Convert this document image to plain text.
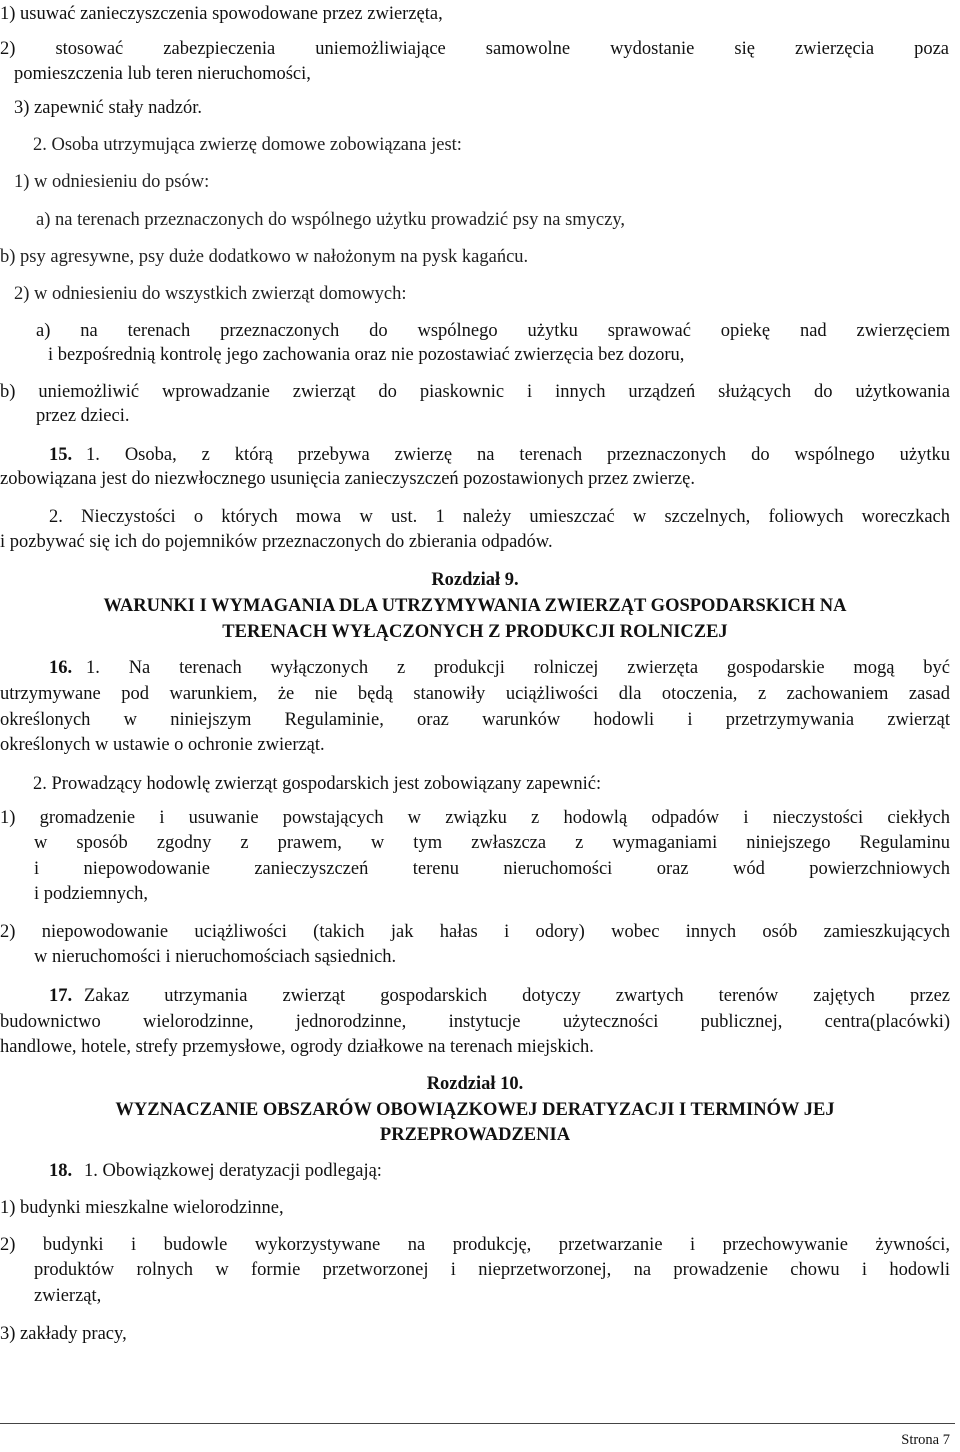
1) usuwać zanieczyszczenia spowodowane przez zwierzęta,

2) stosować zabezpieczenia uniemożliwiające samowolne wydostanie się zwierzęcia poza

pomieszczenia lub teren nieruchomości,

3) zapewnić stały nadzór.

2. Osoba utrzymująca zwierzę domowe zobowiązana jest:

1) w odniesieniu do psów:

a) na terenach przeznaczonych do wspólnego użytku prowadzić psy na smyczy,

b) psy agresywne, psy duże dodatkowo w nałożonym na pysk kagańcu.

2) w odniesieniu do wszystkich zwierząt domowych:

a) na terenach przeznaczonych do wspólnego użytku sprawować opiekę nad zwierzęciem

i bezpośrednią kontrolę jego zachowania oraz nie pozostawiać zwierzęcia bez dozoru,

b) uniemożliwić wprowadzanie zwierząt do piaskownic i innych urządzeń służących do użytkowania

przez dzieci.

15. 1. Osoba, z którą przebywa zwierzę na terenach przeznaczonych do wspólnego użytku

zobowiązana jest do niezwłocznego usunięcia zanieczyszczeń pozostawionych przez zwierzę.

2. Nieczystości o których mowa w ust. 1 należy umieszczać w szczelnych, foliowych woreczkach

i pozbywać się ich do pojemników przeznaczonych do zbierania odpadów.

Rozdział 9.

WARUNKI I WYMAGANIA DLA UTRZYMYWANIA ZWIERZĄT GOSPODARSKICH NA

TERENACH WYŁĄCZONYCH Z PRODUKCJI ROLNICZEJ

16. 1. Na terenach wyłączonych z produkcji rolniczej zwierzęta gospodarskie mogą być

utrzymywane pod warunkiem, że nie będą stanowiły uciążliwości dla otoczenia, z zachowaniem zasad

określonych w niniejszym Regulaminie, oraz warunków hodowli i przetrzymywania zwierząt

określonych w ustawie o ochronie zwierząt.

2. Prowadzący hodowlę zwierząt gospodarskich jest zobowiązany zapewnić:

1) gromadzenie i usuwanie powstających w związku z hodowlą odpadów i nieczystości ciekłych

w sposób zgodny z prawem, w tym zwłaszcza z wymaganiami niniejszego Regulaminu

i niepowodowanie zanieczyszczeń terenu nieruchomości oraz wód powierzchniowych

i podziemnych,

2) niepowodowanie uciążliwości (takich jak hałas i odory) wobec innych osób zamieszkujących

w nieruchomości i nieruchomościach sąsiednich.

17. Zakaz utrzymania zwierząt gospodarskich dotyczy zwartych terenów zajętych przez

budownictwo wielorodzinne, jednorodzinne, instytucje użyteczności publicznej, centra(placówki)

handlowe, hotele, strefy przemysłowe, ogrody działkowe na terenach miejskich.

Rozdział 10.

WYZNACZANIE OBSZARÓW OBOWIĄZKOWEJ DERATYZACJI I TERMINÓW JEJ

PRZEPROWADZENIA

18. 1. Obowiązkowej deratyzacji podlegają:

1) budynki mieszkalne wielorodzinne,

2) budynki i budowle wykorzystywane na produkcję, przetwarzanie i przechowywanie żywności,

produktów rolnych w formie przetworzonej i nieprzetworzonej, na prowadzenie chowu i hodowli

zwierząt,

3) zakłady pracy,

Strona 7
